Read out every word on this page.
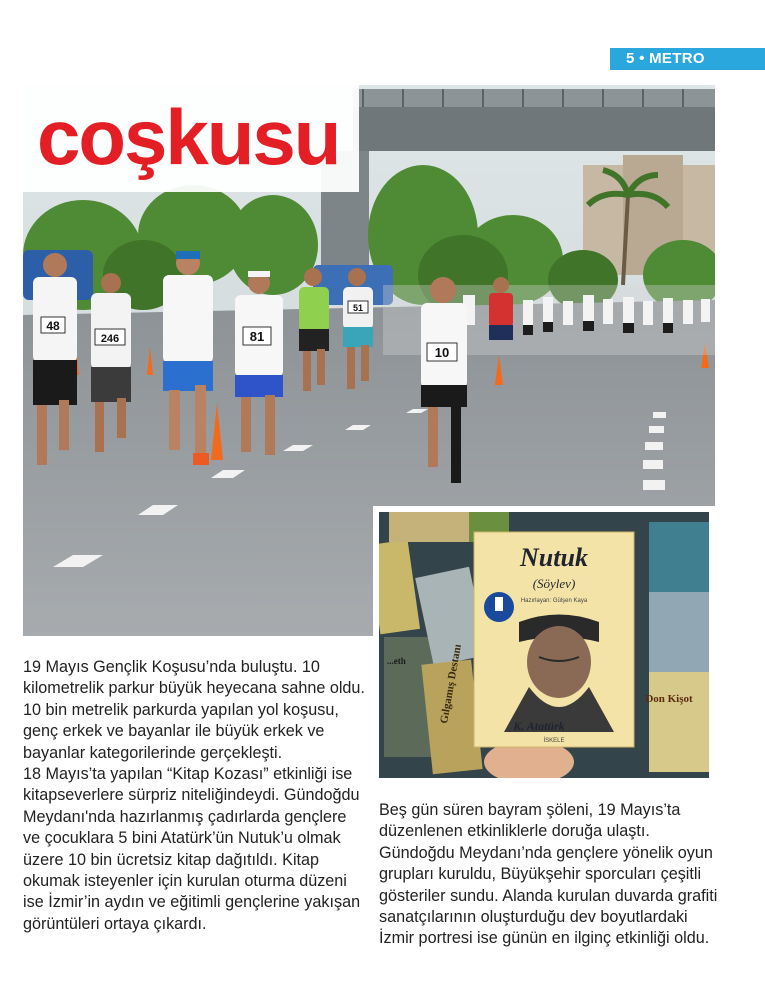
5 • METRO
48
246	81
51
10
coşkusu
...eth	Gılgamış Destanı	Don Kişot
Nutuk
(Söylev)
Hazırlayan: Gülşen Kaya
K. Atatürk
İSKELE

19 Mayıs Gençlik Koşusu’nda buluştu. 10 kilometrelik parkur büyük heyecana sahne oldu. 10 bin metrelik parkurda yapılan yol koşusu, genç erkek ve bayanlar ile büyük erkek ve bayanlar kategorilerinde gerçekleşti.

18 Mayıs’ta yapılan “Kitap Kozası” etkinliği ise kitapseverlere sürpriz niteliğindeydi. Gündoğdu Meydanı'nda hazırlanmış çadırlarda gençlere ve çocuklara 5 bini Atatürk’ün Nutuk’u olmak üzere 10 bin ücretsiz kitap dağıtıldı. Kitap okumak isteyenler için kurulan oturma düzeni ise İzmir’in aydın ve eğitimli gençlerine yakışan görüntüleri ortaya çıkardı.

Beş gün süren bayram şöleni, 19 Mayıs’ta düzenlenen etkinliklerle doruğa ulaştı. Gündoğdu Meydanı’nda gençlere yönelik oyun grupları kuruldu, Büyükşehir sporcuları çeşitli gösteriler sundu. Alanda kurulan duvarda grafiti sanatçılarının oluşturduğu dev boyutlardaki İzmir portresi ise günün en ilginç etkinliği oldu.
